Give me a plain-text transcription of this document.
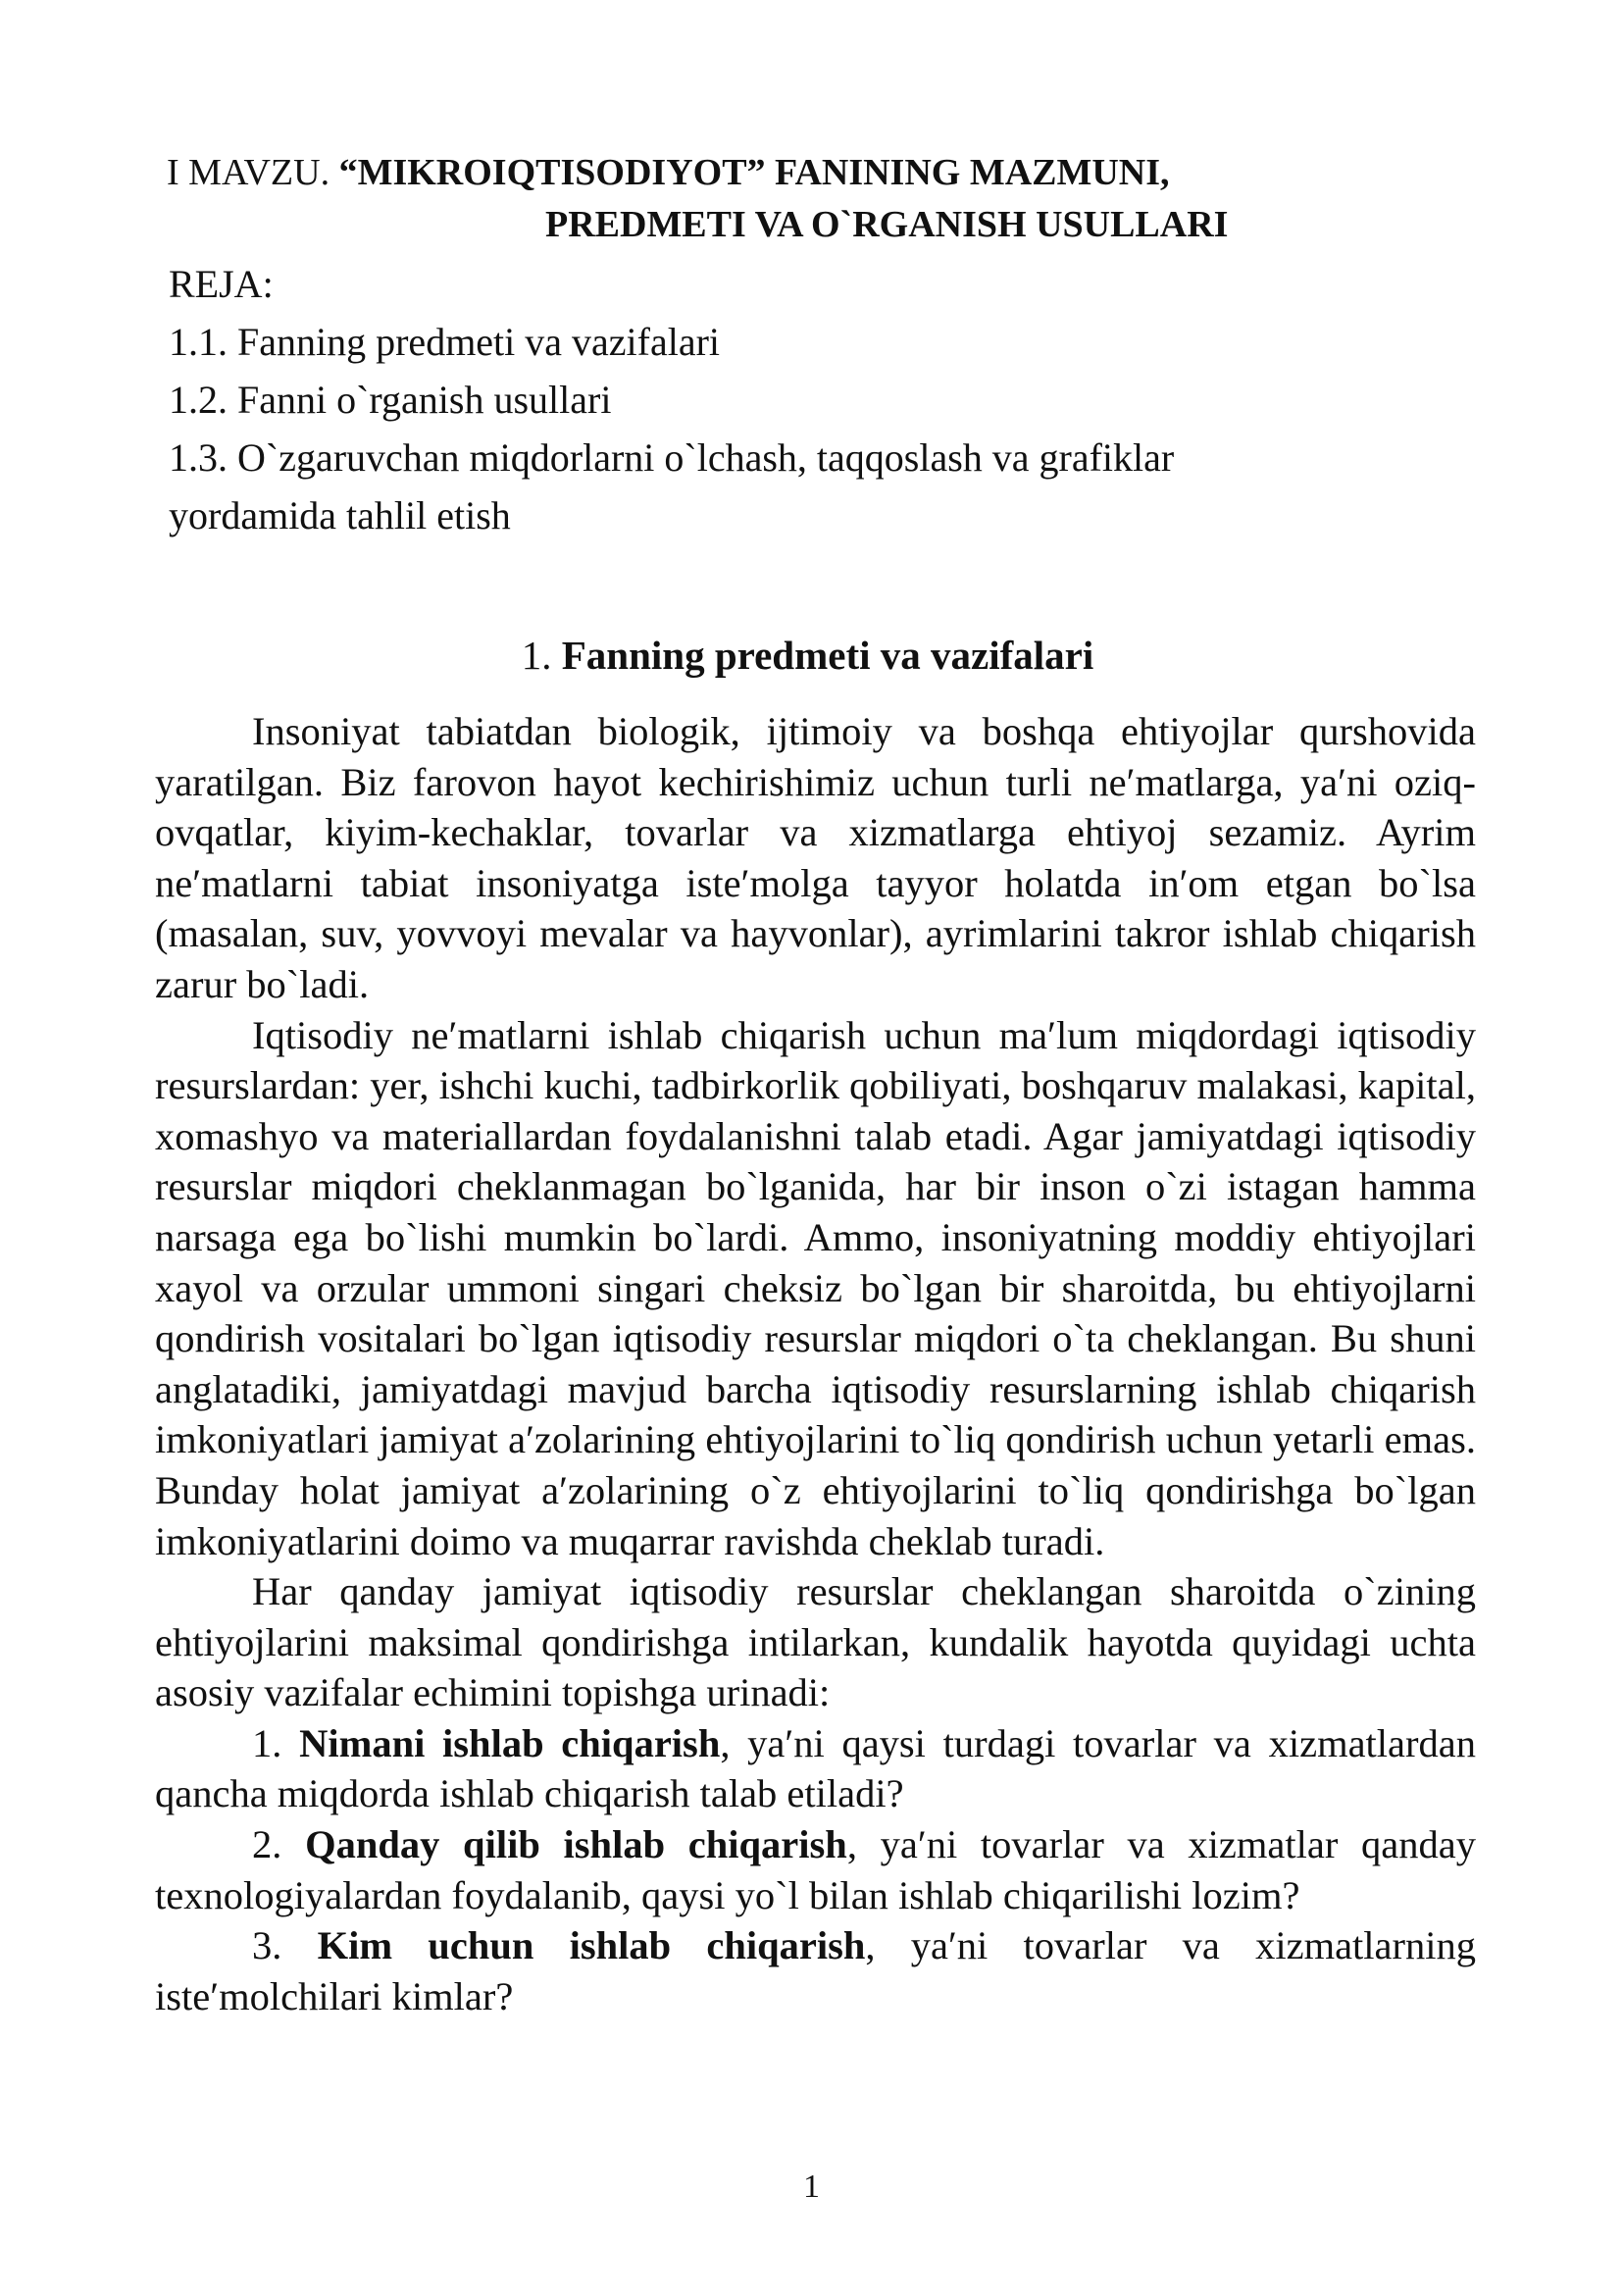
I MAVZU. “MIKROIQTISODIYOT” FANINING MAZMUNI,
PREDMETI VA O`RGANISH USULLARI
REJA:
1.1. Fanning predmeti va vazifalari
1.2. Fanni o`rganish usullari
1.3. O`zgaruvchan miqdorlarni o`lchash, taqqoslash va grafiklar
yordamida tahlil etish
1. Fanning predmeti va vazifalari

Insoniyat tabiatdan biologik, ijtimoiy va boshqa ehtiyojlar qurshovida yaratilgan. Biz farovon hayot kechirishimiz uchun turli neʹmatlarga, yaʹni oziq-ovqatlar, kiyim-kechaklar, tovarlar va xizmatlarga ehtiyoj sezamiz. Ayrim neʹmatlarni tabiat insoniyatga isteʹmolga tayyor holatda inʹom etgan bo`lsa (masalan, suv, yovvoyi mevalar va hayvonlar), ayrimlarini takror ishlab chiqarish zarur bo`ladi.

Iqtisodiy neʹmatlarni ishlab chiqarish uchun maʹlum miqdordagi iqtisodiy resurslardan: yer, ishchi kuchi, tadbirkorlik qobiliyati, boshqaruv malakasi, kapital, xomashyo va materiallardan foydalanishni talab etadi. Agar jamiyatdagi iqtisodiy resurslar miqdori cheklanmagan bo`lganida, har bir inson o`zi istagan hamma narsaga ega bo`lishi mumkin bo`lardi. Ammo, insoniyatning moddiy ehtiyojlari xayol va orzular ummoni singari cheksiz bo`lgan bir sharoitda, bu ehtiyojlarni qondirish vositalari bo`lgan iqtisodiy resurslar miqdori o`ta cheklangan. Bu shuni anglatadiki, jamiyatdagi mavjud barcha iqtisodiy resurslarning ishlab chiqarish imkoniyatlari jamiyat aʹzolarining ehtiyojlarini to`liq qondirish uchun yetarli emas. Bunday holat jamiyat aʹzolarining o`z ehtiyojlarini to`liq qondirishga bo`lgan imkoniyatlarini doimo va muqarrar ravishda cheklab turadi.

Har qanday jamiyat iqtisodiy resurslar cheklangan sharoitda o`zining ehtiyojlarini maksimal qondirishga intilarkan, kundalik hayotda quyidagi uchta asosiy vazifalar echimini topishga urinadi:

1. Nimani ishlab chiqarish, yaʹni qaysi turdagi tovarlar va xizmatlardan qancha miqdorda ishlab chiqarish talab etiladi?

2. Qanday qilib ishlab chiqarish, yaʹni tovarlar va xizmatlar qanday texnologiyalardan foydalanib, qaysi yo`l bilan ishlab chiqarilishi lozim?

3. Kim uchun ishlab chiqarish, yaʹni tovarlar va xizmatlarning isteʹmolchilari kimlar?

1
